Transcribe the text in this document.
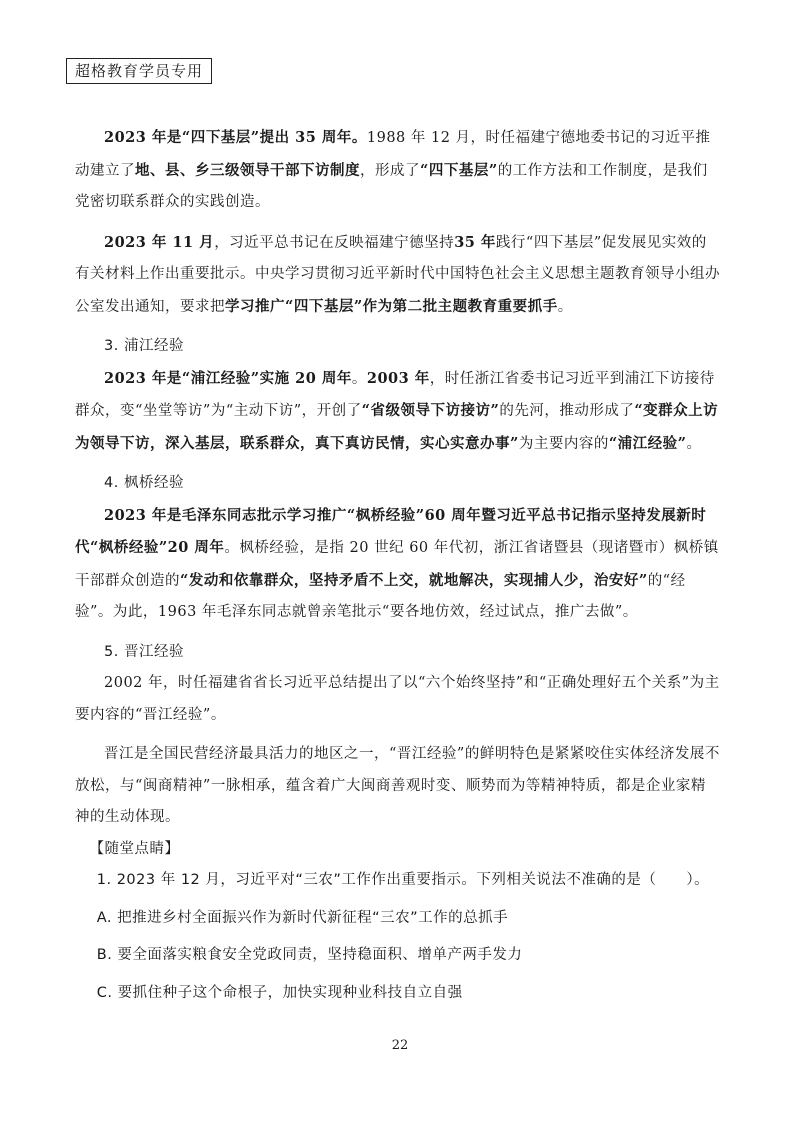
超格教育学员专用

2023 年是“四下基层”提出 35 周年。1988 年 12 月，时任福建宁德地委书记的习近平推动建立了地、县、乡三级领导干部下访制度，形成了“四下基层”的工作方法和工作制度，是我们党密切联系群众的实践创造。

2023 年 11 月，习近平总书记在反映福建宁德坚持35 年践行“四下基层”促发展见实效的有关材料上作出重要批示。中央学习贯彻习近平新时代中国特色社会主义思想主题教育领导小组办公室发出通知，要求把学习推广“四下基层”作为第二批主题教育重要抓手。

3. 浦江经验

2023 年是“浦江经验”实施 20 周年。2003 年，时任浙江省委书记习近平到浦江下访接待群众，变“坐堂等访”为“主动下访”，开创了“省级领导下访接访”的先河，推动形成了“变群众上访为领导下访，深入基层，联系群众，真下真访民情，实心实意办事”为主要内容的“浦江经验”。

4. 枫桥经验

2023 年是毛泽东同志批示学习推广“枫桥经验”60 周年暨习近平总书记指示坚持发展新时代“枫桥经验”20 周年。枫桥经验，是指 20 世纪 60 年代初，浙江省诸暨县（现诸暨市）枫桥镇干部群众创造的“发动和依靠群众，坚持矛盾不上交，就地解决，实现捕人少，治安好”的“经验”。为此，1963 年毛泽东同志就曾亲笔批示“要各地仿效，经过试点，推广去做”。

5. 晋江经验

2002 年，时任福建省省长习近平总结提出了以“六个始终坚持”和“正确处理好五个关系”为主要内容的“晋江经验”。

晋江是全国民营经济最具活力的地区之一，“晋江经验”的鲜明特色是紧紧咬住实体经济发展不放松，与“闽商精神”一脉相承，蕴含着广大闽商善观时变、顺势而为等精神特质，都是企业家精神的生动体现。

【随堂点睛】

1. 2023 年 12 月，习近平对“三农”工作作出重要指示。下列相关说法不准确的是（　　）。

A. 把推进乡村全面振兴作为新时代新征程“三农”工作的总抓手

B. 要全面落实粮食安全党政同责，坚持稳面积、增单产两手发力

C. 要抓住种子这个命根子，加快实现种业科技自立自强

22
